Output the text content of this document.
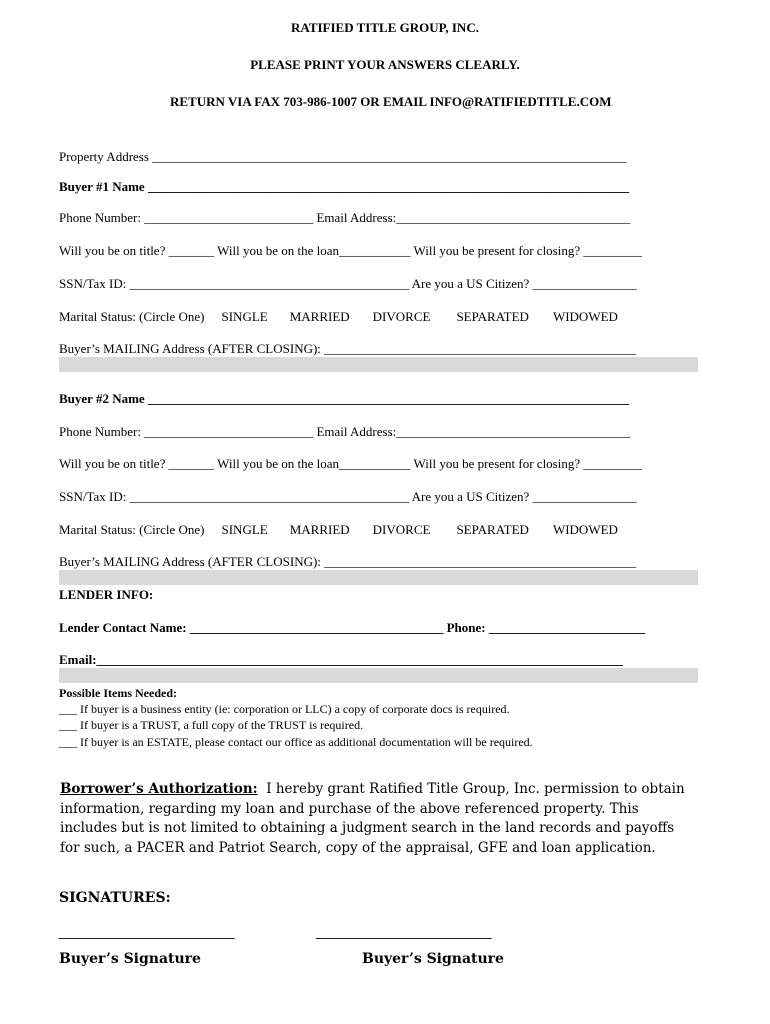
RATIFIED TITLE GROUP, INC.
PLEASE PRINT YOUR ANSWERS CLEARLY.
RETURN VIA FAX 703-986-1007 OR EMAIL INFO@RATIFIEDTITLE.COM
Property Address _________________________________________________________________________
Buyer #1 Name __________________________________________________________________________
Phone Number: __________________________ Email Address:____________________________________
Will you be on title? _______ Will you be on the loan___________ Will you be present for closing? _________
SSN/Tax ID: ___________________________________________ Are you a US Citizen? ________________
Marital Status: (Circle One) SINGLE MARRIED DIVORCE SEPARATED WIDOWED
Buyer’s MAILING Address (AFTER CLOSING): ________________________________________________
Buyer #2 Name __________________________________________________________________________
Phone Number: __________________________ Email Address:____________________________________
Will you be on title? _______ Will you be on the loan___________ Will you be present for closing? _________
SSN/Tax ID: ___________________________________________ Are you a US Citizen? ________________
Marital Status: (Circle One) SINGLE MARRIED DIVORCE SEPARATED WIDOWED
Buyer’s MAILING Address (AFTER CLOSING): ________________________________________________
LENDER INFO:
Lender Contact Name: _______________________________________ Phone: ________________________
Email:_________________________________________________________________________________
Possible Items Needed:
___ If buyer is a business entity (ie: corporation or LLC) a copy of corporate docs is required.
___ If buyer is a TRUST, a full copy of the TRUST is required.
___ If buyer is an ESTATE, please contact our office as additional documentation will be required.
Borrower’s Authorization: I hereby grant Ratified Title Group, Inc. permission to obtain information, regarding my loan and purchase of the above referenced property. This includes but is not limited to obtaining a judgment search in the land records and payoffs for such, a PACER and Patriot Search, copy of the appraisal, GFE and loan application.
SIGNATURES:
___________________________	___________________________
Buyer’s Signature	Buyer’s Signature
